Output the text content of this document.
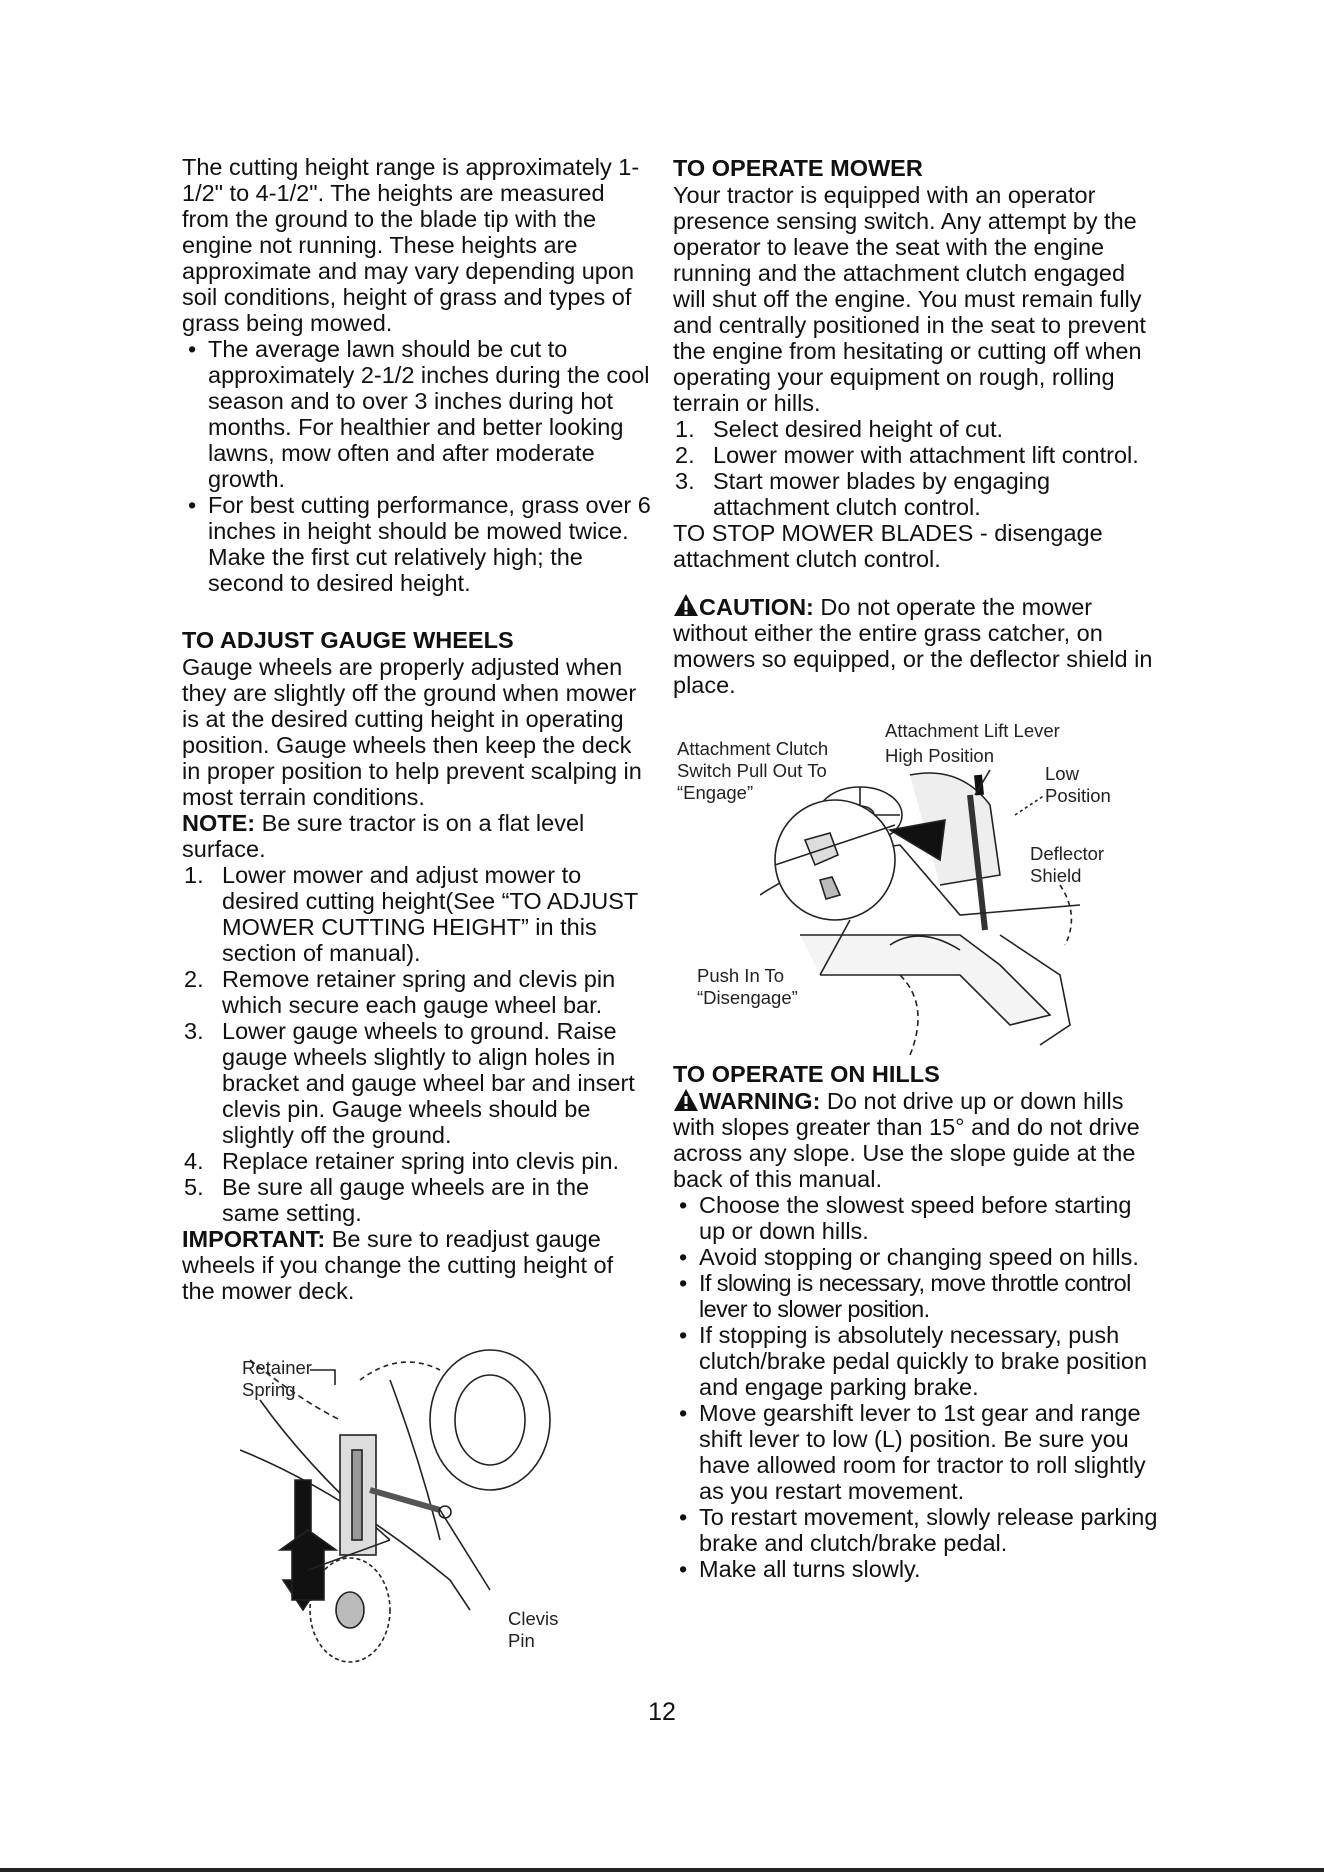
The cutting height range is approximately 1-1/2" to 4-1/2". The heights are measured from the ground to the blade tip with the engine not running. These heights are approximate and may vary depending upon soil conditions, height of grass and types of grass being mowed.

• The average lawn should be cut to approximately 2-1/2 inches during the cool season and to over 3 inches during hot months. For healthier and better looking lawns, mow often and after moderate growth.
• For best cutting performance, grass over 6 inches in height should be mowed twice. Make the first cut relatively high; the second to desired height.
TO ADJUST GAUGE WHEELS

Gauge wheels are properly adjusted when they are slightly off the ground when mower is at the desired cutting height in operating position. Gauge wheels then keep the deck in proper position to help prevent scalping in most terrain conditions.

NOTE: Be sure tractor is on a flat level surface.

1. Lower mower and adjust mower to desired cutting height(See “TO ADJUST MOWER CUTTING HEIGHT” in this section of manual).
2. Remove retainer spring and clevis pin which secure each gauge wheel bar.
3. Lower gauge wheels to ground. Raise gauge wheels slightly to align holes in bracket and gauge wheel bar and insert clevis pin. Gauge wheels should be slightly off the ground.
4. Replace retainer spring into clevis pin.
5. Be sure all gauge wheels are in the same setting.

IMPORTANT: Be sure to readjust gauge wheels if you change the cutting height of the mower deck.

Retainer
Spring
Clevis
Pin
TO OPERATE MOWER

Your tractor is equipped with an operator presence sensing switch. Any attempt by the operator to leave the seat with the engine running and the attachment clutch engaged will shut off the engine. You must remain fully and centrally positioned in the seat to prevent the engine from hesitating or cutting off when operating your equipment on rough, rolling terrain or hills.

1. Select desired height of cut.
2. Lower mower with attachment lift control.
3. Start mower blades by engaging attachment clutch control.

TO STOP MOWER BLADES - disengage attachment clutch control.

CAUTION: Do not operate the mower without either the entire grass catcher, on mowers so equipped, or the deflector shield in place.

Attachment Lift Lever
High Position
Attachment Clutch
Switch Pull Out To
“Engage”
Low
Position
Deflector
Shield
Push In To
“Disengage”
TO OPERATE ON HILLS

WARNING: Do not drive up or down hills with slopes greater than 15° and do not drive across any slope. Use the slope guide at the back of this manual.

• Choose the slowest speed before starting up or down hills.
• Avoid stopping or changing speed on hills.
• If slowing is necessary, move throttle control lever to slower position.
• If stopping is absolutely necessary, push clutch/brake pedal quickly to brake position and engage parking brake.
• Move gearshift lever to 1st gear and range shift lever to low (L) position. Be sure you have allowed room for tractor to roll slightly as you restart movement.
• To restart movement, slowly release parking brake and clutch/brake pedal.
• Make all turns slowly.
12
